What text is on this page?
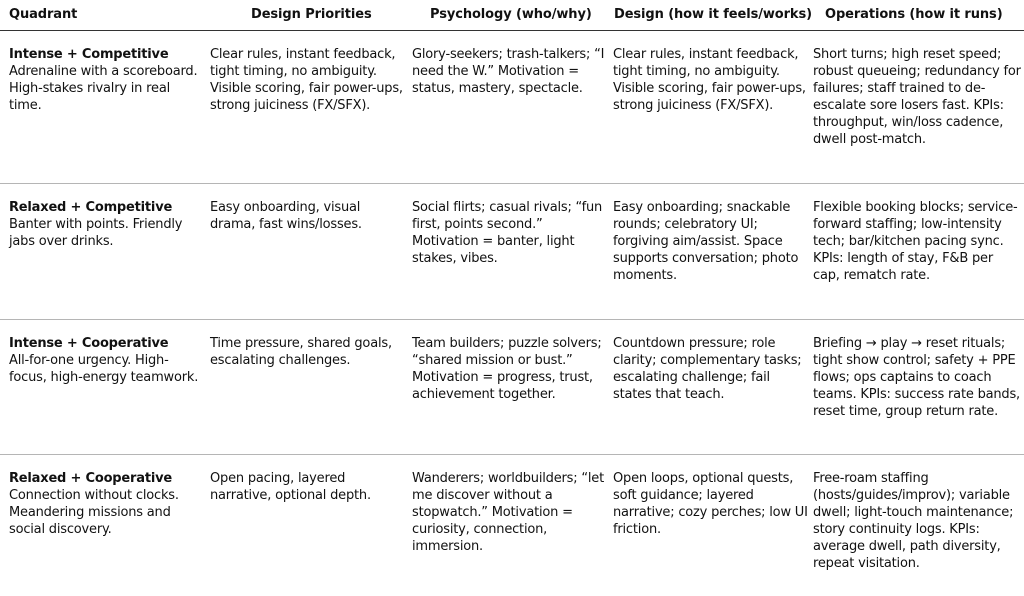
Quadrant	Design Priorities	Psychology (who/why) Design (how it feels/works) Operations (how it runs)
Intense + Competitive
Adrenaline with a scoreboard. High-stakes rivalry in real time.
Clear rules, instant feedback, tight timing, no ambiguity. Visible scoring, fair power-ups, strong juiciness (FX/SFX).
Glory-seekers; trash-talkers; “I need the W.” Motivation = status, mastery, spectacle.
Clear rules, instant feedback, tight timing, no ambiguity. Visible scoring, fair power-ups, strong juiciness (FX/SFX).
Short turns; high reset speed; robust queueing; redundancy for failures; staff trained to de-escalate sore losers fast. KPIs: throughput, win/loss cadence, dwell post-match.
Relaxed + Competitive
Banter with points. Friendly jabs over drinks.
Easy onboarding, visual drama, fast wins/losses.
Social flirts; casual rivals; “fun first, points second.” Motivation = banter, light stakes, vibes.
Easy onboarding; snackable rounds; celebratory UI; forgiving aim/assist. Space supports conversation; photo moments.
Flexible booking blocks; service-forward staffing; low-intensity tech; bar/kitchen pacing sync. KPIs: length of stay, F&B per cap, rematch rate.
Intense + Cooperative
All-for-one urgency. High-focus, high-energy teamwork.
Time pressure, shared goals, escalating challenges.
Team builders; puzzle solvers; “shared mission or bust.” Motivation = progress, trust, achievement together.
Countdown pressure; role clarity; complementary tasks; escalating challenge; fail states that teach.
Briefing → play → reset rituals; tight show control; safety + PPE flows; ops captains to coach teams. KPIs: success rate bands, reset time, group return rate.
Relaxed + Cooperative
Connection without clocks. Meandering missions and social discovery.
Open pacing, layered narrative, optional depth.
Wanderers; worldbuilders; “let me discover without a stopwatch.” Motivation = curiosity, connection, immersion.
Open loops, optional quests, soft guidance; layered narrative; cozy perches; low UI friction.
Free-roam staffing (hosts/guides/improv); variable dwell; light-touch maintenance; story continuity logs. KPIs: average dwell, path diversity, repeat visitation.
